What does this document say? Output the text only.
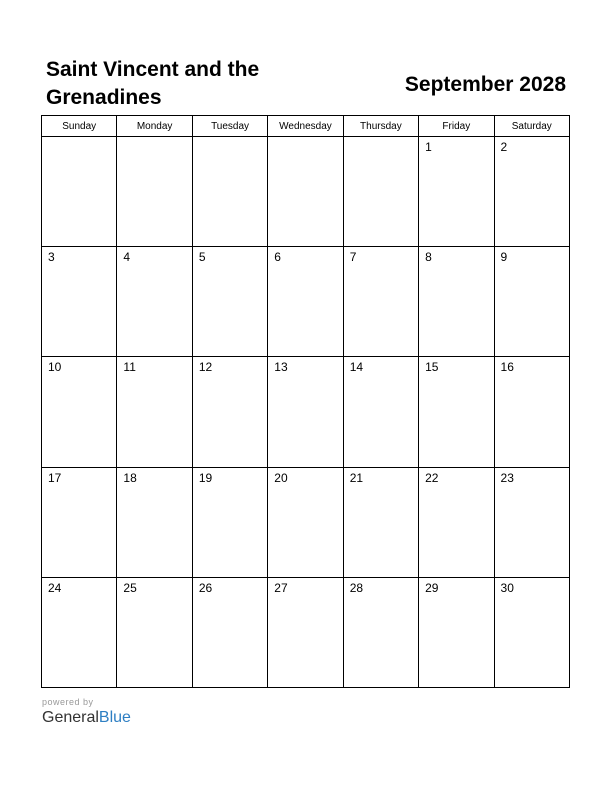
Saint Vincent and the Grenadines
September 2028
Sunday	Monday	Tuesday	Wednesday	Thursday	Friday	Saturday

					1	2

3	4	5	6	7	8	9

10	11	12	13	14	15	16

17	18	19	20	21	22	23

24	25	26	27	28	29	30
powered by
GeneralBlue
